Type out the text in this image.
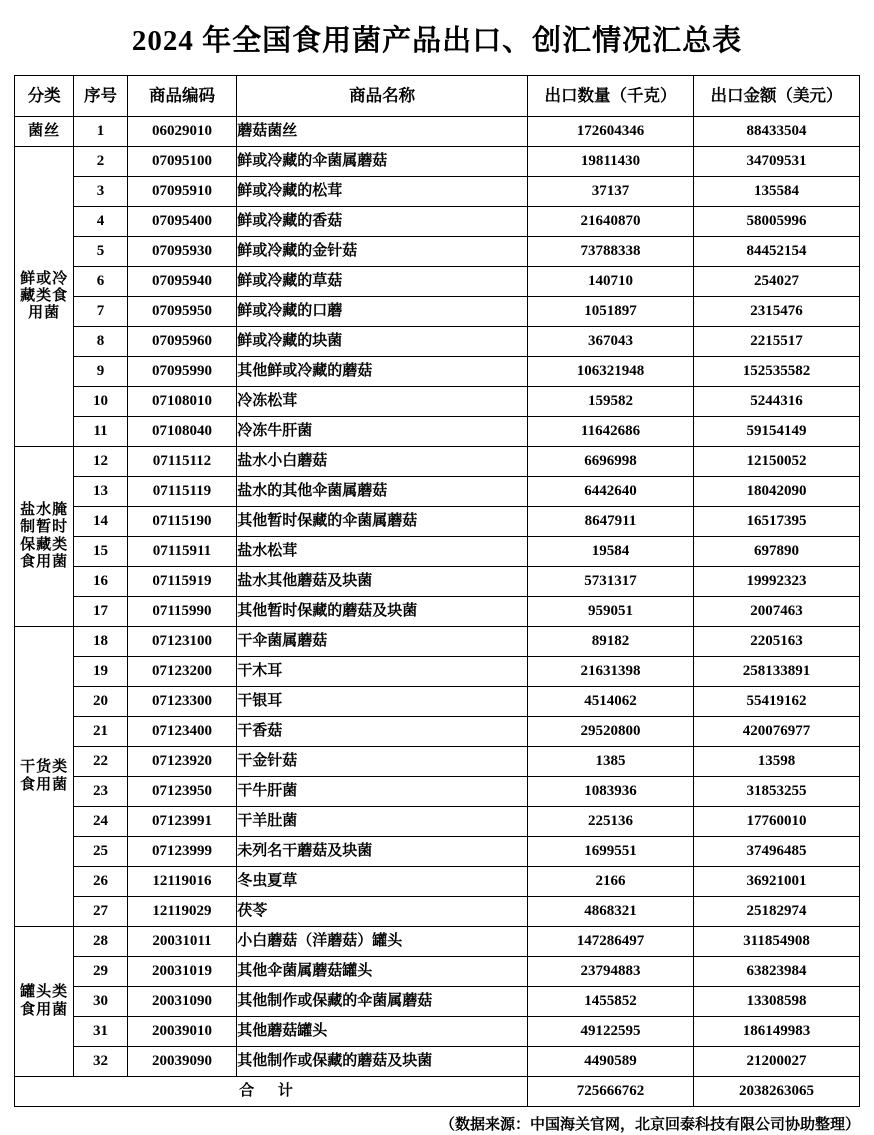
2024 年全国食用菌产品出口、创汇情况汇总表
分类	序号	商品编码	商品名称	出口数量（千克）	出口金额（美元）
菌丝	1	06029010	蘑菇菌丝	172604346	88433504
鲜或冷藏类食用菌	2	07095100	鲜或冷藏的伞菌属蘑菇	19811430	34709531
	3	07095910	鲜或冷藏的松茸	37137	135584
	4	07095400	鲜或冷藏的香菇	21640870	58005996
	5	07095930	鲜或冷藏的金针菇	73788338	84452154
	6	07095940	鲜或冷藏的草菇	140710	254027
	7	07095950	鲜或冷藏的口蘑	1051897	2315476
	8	07095960	鲜或冷藏的块菌	367043	2215517
	9	07095990	其他鲜或冷藏的蘑菇	106321948	152535582
	10	07108010	冷冻松茸	159582	5244316
	11	07108040	冷冻牛肝菌	11642686	59154149
盐水腌制暂时保藏类食用菌	12	07115112	盐水小白蘑菇	6696998	12150052
	13	07115119	盐水的其他伞菌属蘑菇	6442640	18042090
	14	07115190	其他暂时保藏的伞菌属蘑菇	8647911	16517395
	15	07115911	盐水松茸	19584	697890
	16	07115919	盐水其他蘑菇及块菌	5731317	19992323
	17	07115990	其他暂时保藏的蘑菇及块菌	959051	2007463
干货类食用菌	18	07123100	干伞菌属蘑菇	89182	2205163
	19	07123200	干木耳	21631398	258133891
	20	07123300	干银耳	4514062	55419162
	21	07123400	干香菇	29520800	420076977
	22	07123920	干金针菇	1385	13598
	23	07123950	干牛肝菌	1083936	31853255
	24	07123991	干羊肚菌	225136	17760010
	25	07123999	未列名干蘑菇及块菌	1699551	37496485
	26	12119016	冬虫夏草	2166	36921001
	27	12119029	茯苓	4868321	25182974
罐头类食用菌	28	20031011	小白蘑菇（洋蘑菇）罐头	147286497	311854908
	29	20031019	其他伞菌属蘑菇罐头	23794883	63823984
	30	20031090	其他制作或保藏的伞菌属蘑菇	1455852	13308598
	31	20039010	其他蘑菇罐头	49122595	186149983
	32	20039090	其他制作或保藏的蘑菇及块菌	4490589	21200027
合 计				725666762	2038263065
（数据来源：中国海关官网，北京回泰科技有限公司协助整理）
